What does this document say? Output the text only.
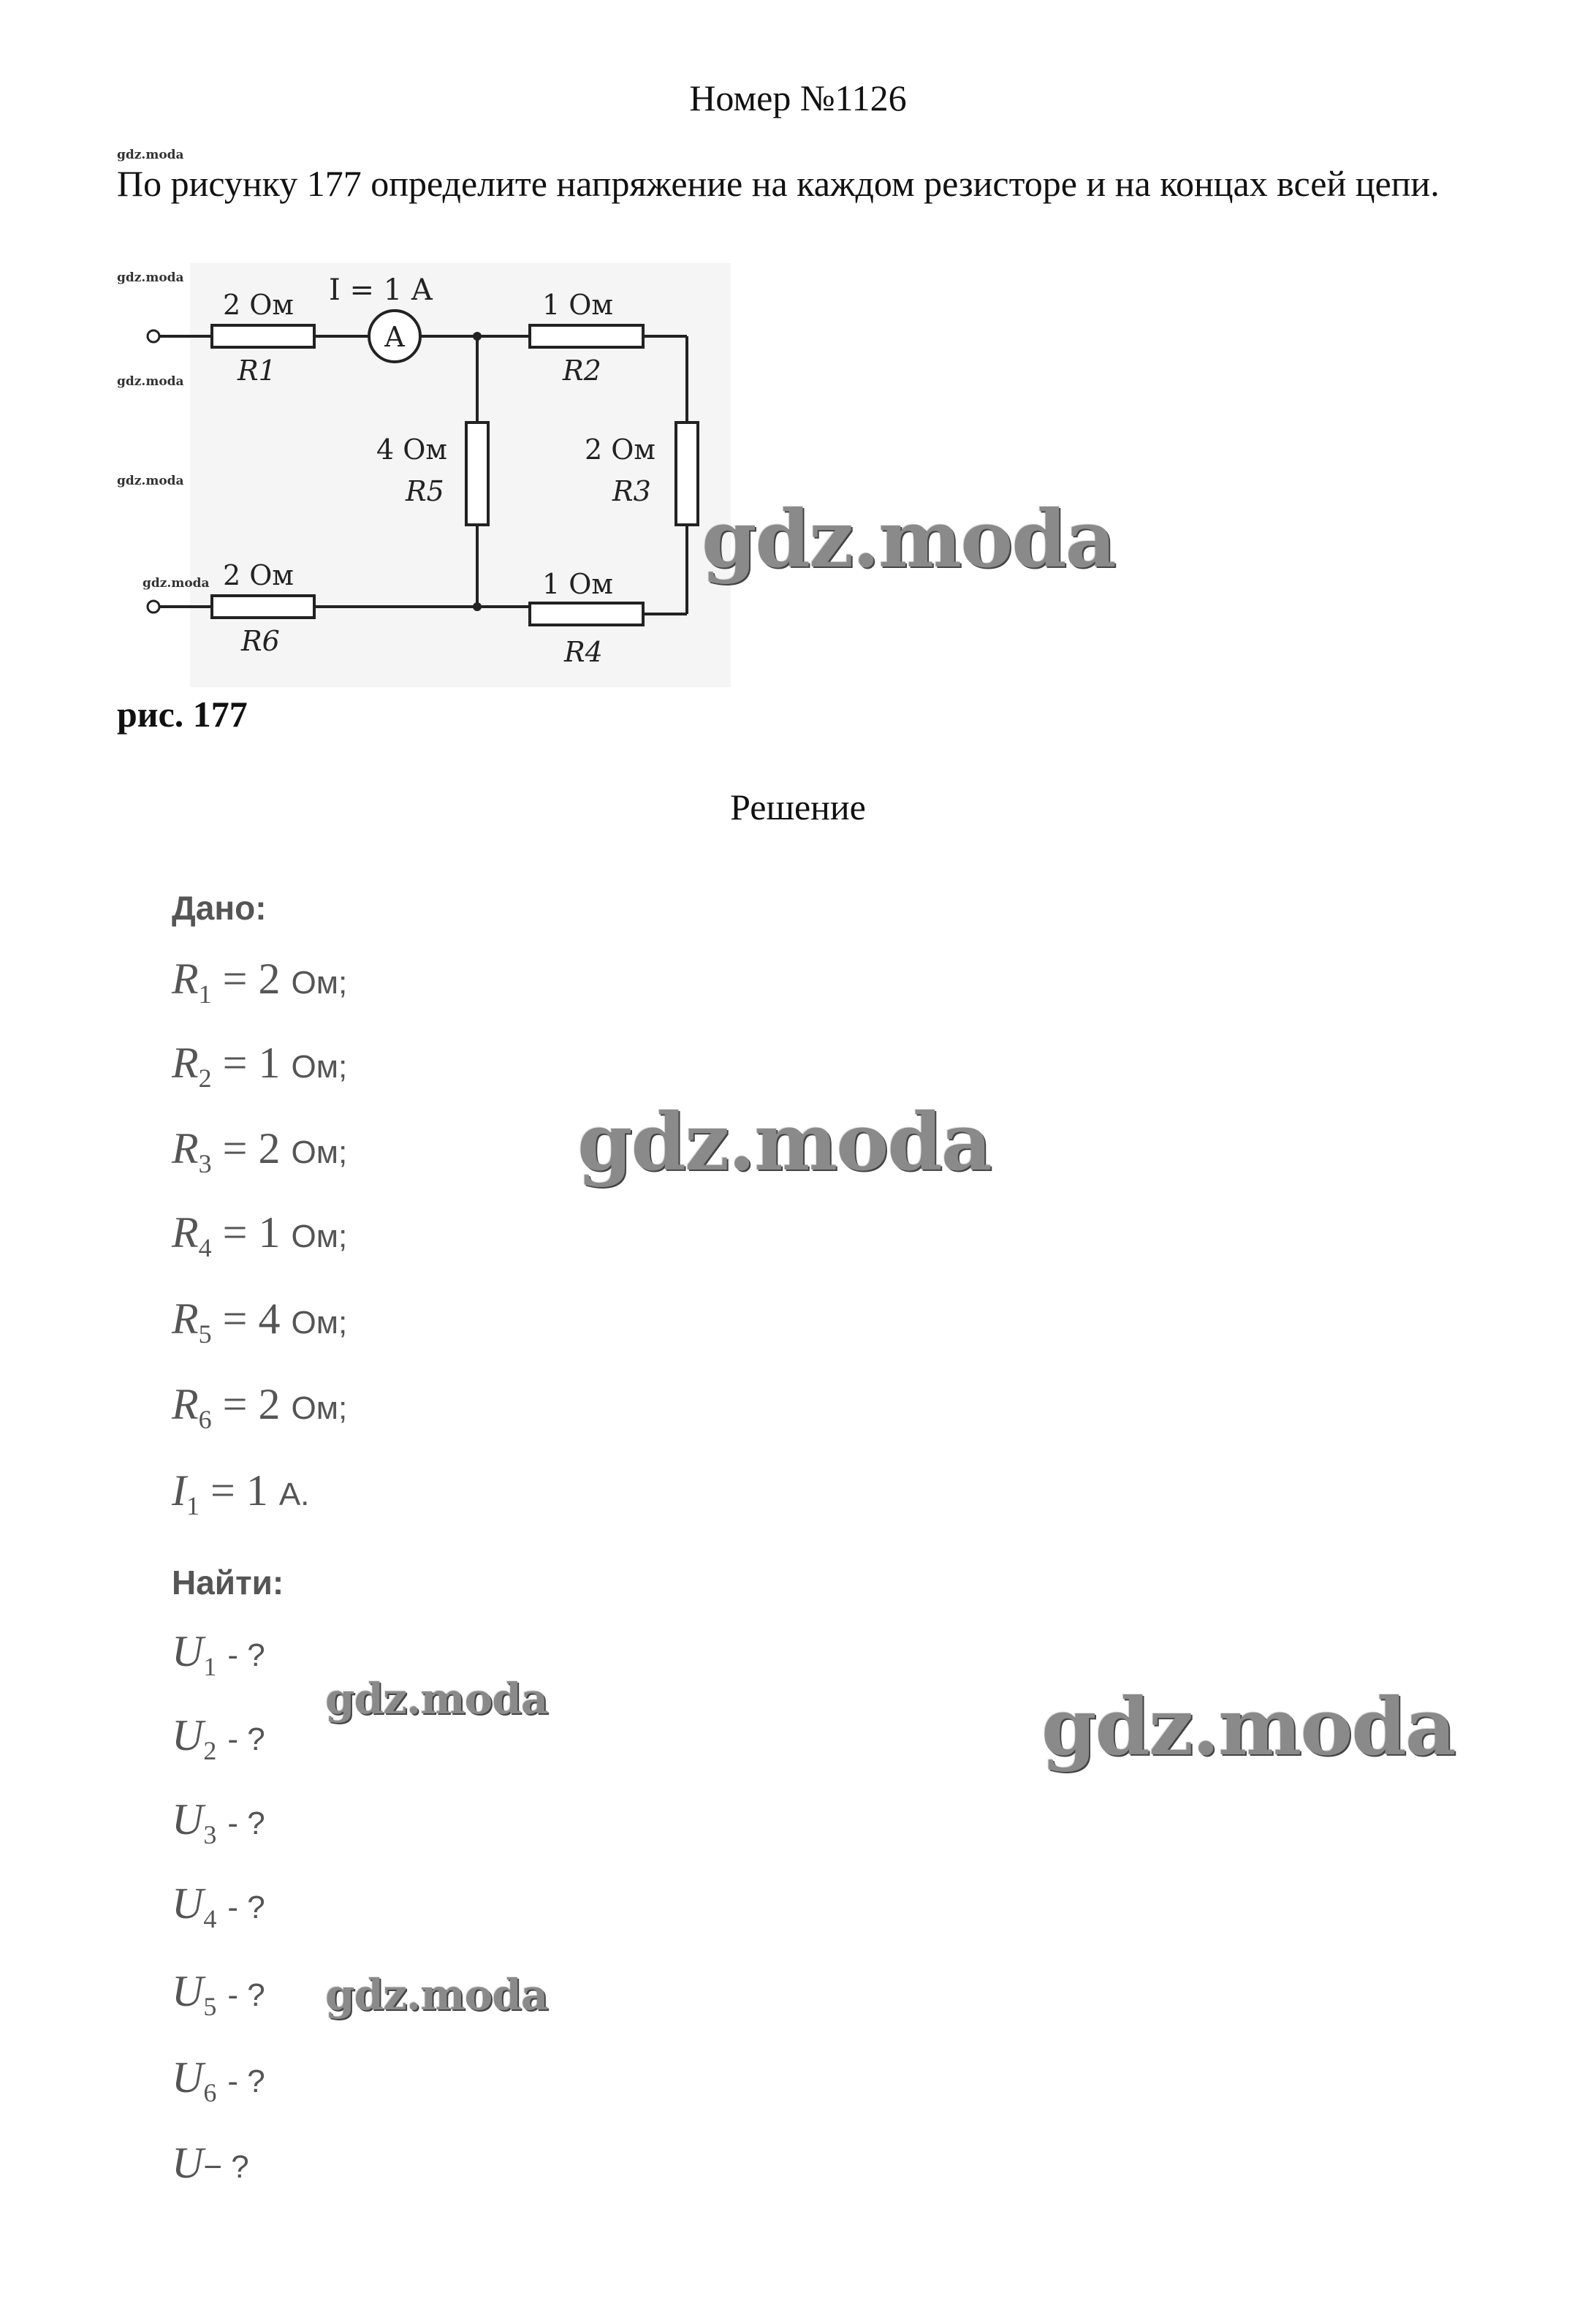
Номер №1126
gdz.moda
По рисунку 177 определите напряжение на каждом резисторе и на концах всей цепи.
A
2 Ом
R1
I = 1 A	1 Ом
R2
2 Ом
R3
4 Ом
R5
2 Ом
R6
1 Ом
R4
gdz.moda
gdz.moda
gdz.moda
gdz.moda	gdz.moda
рис. 177
Решение
Дано:
$R_1 = 2$ Ом;
$R_2 = 1$ Ом;
$R_3 = 2$ Ом;
$R_4 = 1$ Ом;
$R_5 = 4$ Ом;
$R_6 = 2$ Ом;
$I_1 = 1$ А.
gdz.moda
Найти:
$U_1$ - ?
$U_2$ - ?
$U_3$ - ?
$U_4$ - ?
$U_5$ - ?
$U_6$ - ?
U− ?
gdz.moda
gdz.moda
gdz.moda
